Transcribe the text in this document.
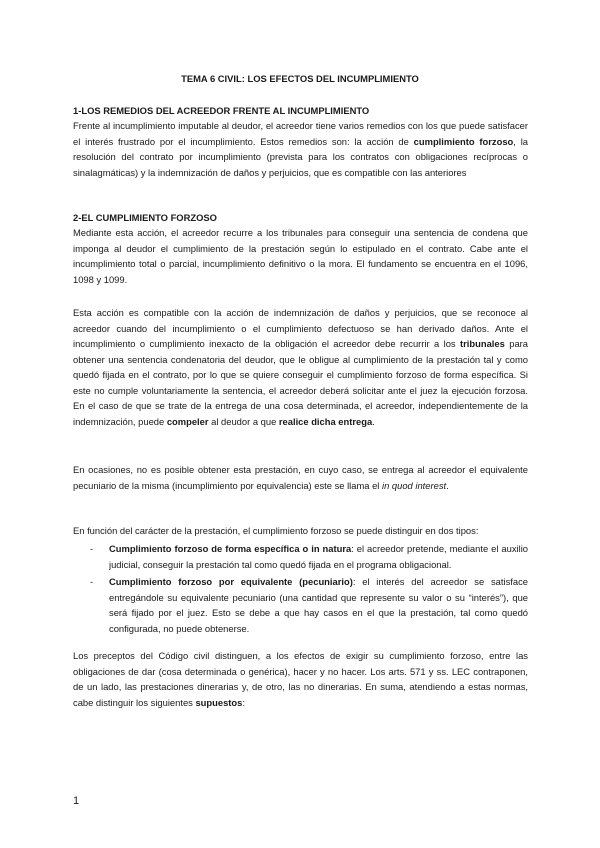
TEMA 6 CIVIL: LOS EFECTOS DEL INCUMPLIMIENTO
1-LOS REMEDIOS DEL ACREEDOR FRENTE AL INCUMPLIMIENTO

Frente al incumplimiento imputable al deudor, el acreedor tiene varios remedios con los que puede satisfacer el interés frustrado por el incumplimiento. Estos remedios son: la acción de cumplimiento forzoso, la resolución del contrato por incumplimiento (prevista para los contratos con obligaciones recíprocas o sinalagmáticas) y la indemnización de daños y perjuicios, que es compatible con las anteriores

2-EL CUMPLIMIENTO FORZOSO

Mediante esta acción, el acreedor recurre a los tribunales para conseguir una sentencia de condena que imponga al deudor el cumplimiento de la prestación según lo estipulado en el contrato. Cabe ante el incumplimiento total o parcial, incumplimiento definitivo o la mora. El fundamento se encuentra en el 1096, 1098 y 1099.

Esta acción es compatible con la acción de indemnización de daños y perjuicios, que se reconoce al acreedor cuando del incumplimiento o el cumplimiento defectuoso se han derivado daños. Ante el incumplimiento o cumplimiento inexacto de la obligación el acreedor debe recurrir a los tribunales para obtener una sentencia condenatoria del deudor, que le obligue al cumplimiento de la prestación tal y como quedó fijada en el contrato, por lo que se quiere conseguir el cumplimiento forzoso de forma específica. Si este no cumple voluntariamente la sentencia, el acreedor deberá solicitar ante el juez la ejecución forzosa. En el caso de que se trate de la entrega de una cosa determinada, el acreedor, independientemente de la indemnización, puede compeler al deudor a que realice dicha entrega.

En ocasiones, no es posible obtener esta prestación, en cuyo caso, se entrega al acreedor el equivalente pecuniario de la misma (incumplimiento por equivalencia) este se llama el in quod interest.

En función del carácter de la prestación, el cumplimiento forzoso se puede distinguir en dos tipos:

- Cumplimiento forzoso de forma específica o in natura: el acreedor pretende, mediante el auxilio judicial, conseguir la prestación tal como quedó fijada en el programa obligacional.
- Cumplimiento forzoso por equivalente (pecuniario): el interés del acreedor se satisface entregándole su equivalente pecuniario (una cantidad que represente su valor o su “interés”), que será fijado por el juez. Esto se debe a que hay casos en el que la prestación, tal como quedó configurada, no puede obtenerse.

Los preceptos del Código civil distinguen, a los efectos de exigir su cumplimiento forzoso, entre las obligaciones de dar (cosa determinada o genérica), hacer y no hacer. Los arts. 571 y ss. LEC contraponen, de un lado, las prestaciones dinerarias y, de otro, las no dinerarias. En suma, atendiendo a estas normas, cabe distinguir los siguientes supuestos:

1
